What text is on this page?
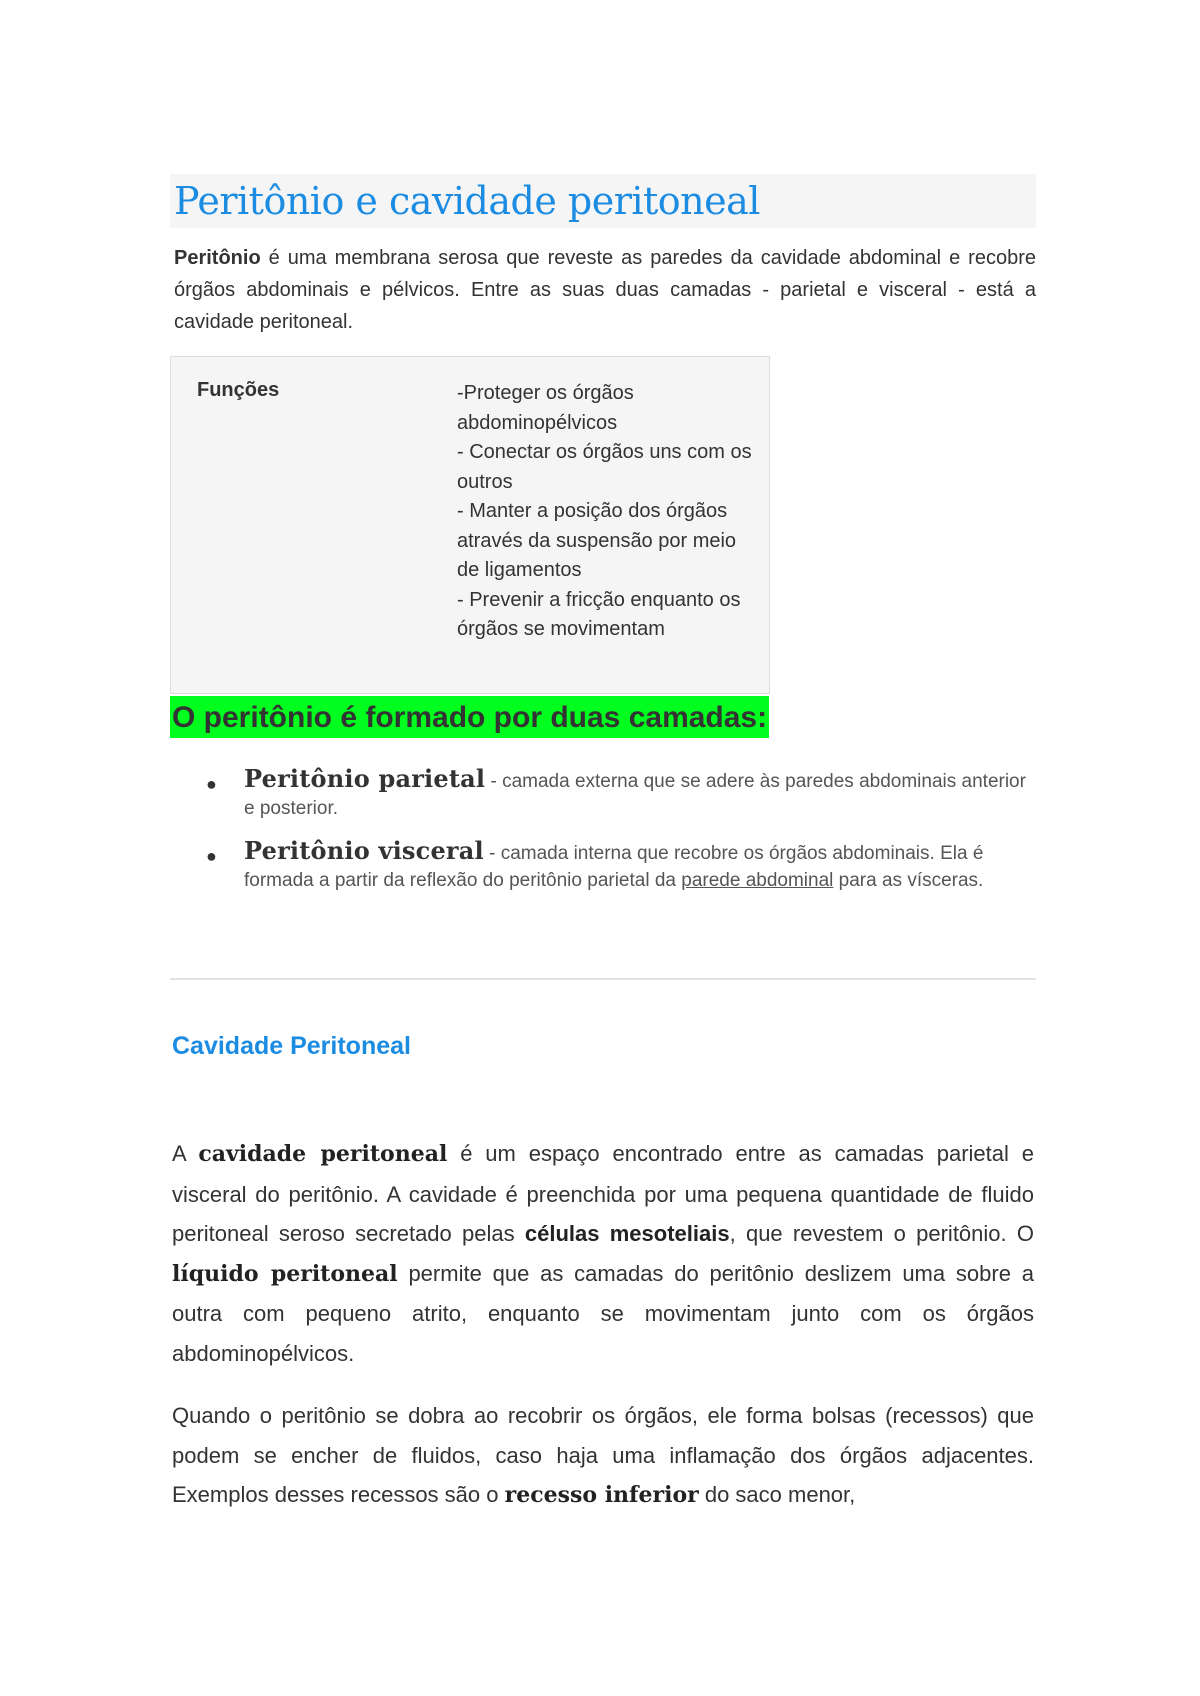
Peritônio e cavidade peritoneal

Peritônio é uma membrana serosa que reveste as paredes da cavidade abdominal e recobre órgãos abdominais e pélvicos. Entre as suas duas camadas - parietal e visceral - está a cavidade peritoneal.

Funções	-Proteger os órgãos abdominopélvicos
- Conectar os órgãos uns com os outros
- Manter a posição dos órgãos através da suspensão por meio de ligamentos
- Prevenir a fricção enquanto os órgãos se movimentam
O peritônio é formado por duas camadas:
● Peritônio parietal - camada externa que se adere às paredes abdominais anterior e posterior.
● Peritônio visceral - camada interna que recobre os órgãos abdominais. Ela é formada a partir da reflexão do peritônio parietal da parede abdominal para as vísceras.
Cavidade Peritoneal

A cavidade peritoneal é um espaço encontrado entre as camadas parietal e visceral do peritônio. A cavidade é preenchida por uma pequena quantidade de fluido peritoneal seroso secretado pelas células mesoteliais, que revestem o peritônio. O líquido peritoneal permite que as camadas do peritônio deslizem uma sobre a outra com pequeno atrito, enquanto se movimentam junto com os órgãos abdominopélvicos.

Quando o peritônio se dobra ao recobrir os órgãos, ele forma bolsas (recessos) que podem se encher de fluidos, caso haja uma inflamação dos órgãos adjacentes. Exemplos desses recessos são o recesso inferior do saco menor,
